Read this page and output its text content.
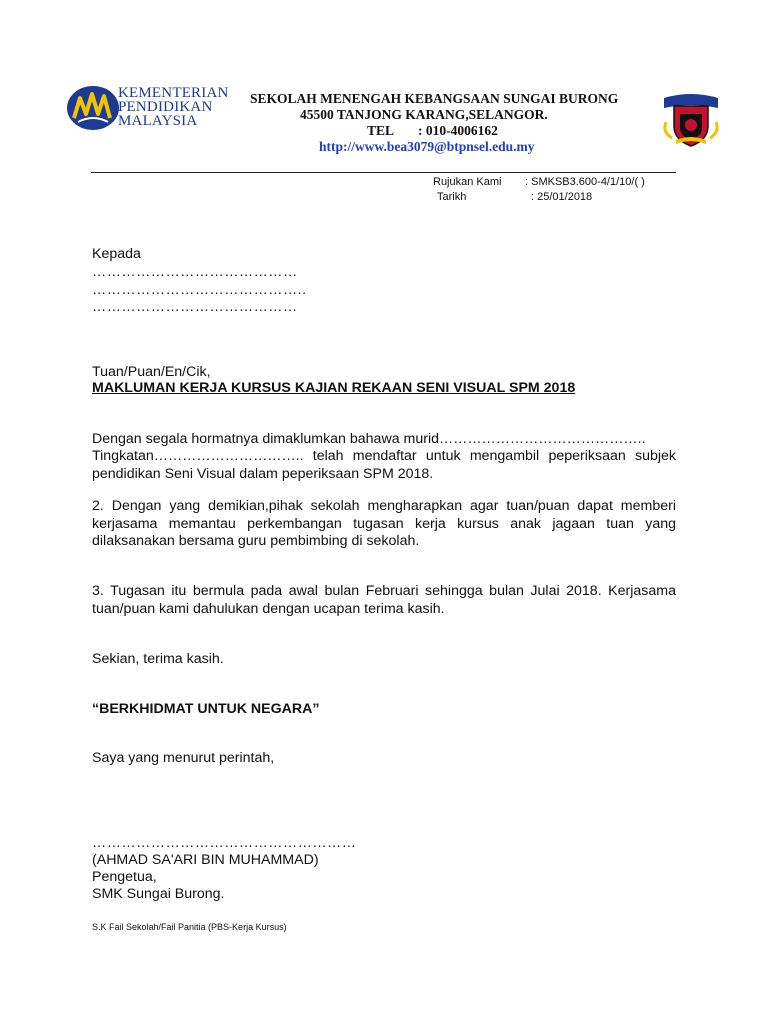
KEMENTERIAN
PENDIDIKAN
MALAYSIA
SEKOLAH MENENGAH KEBANGSAAN SUNGAI BURONG
45500 TANJONG KARANG,SELANGOR.
TEL : 010-4006162
http://www.bea3079@btpnsel.edu.my
Rujukan Kami	: SMKSB3.600-4/1/10/( )
Tarikh	: 25/01/2018
Kepada
……………………………………
……………………………………..
……………………………………
Tuan/Puan/En/Cik,
MAKLUMAN KERJA KURSUS KAJIAN REKAAN SENI VISUAL SPM 2018
Dengan segala hormatnya dimaklumkan bahawa murid……………………………………..
Tingkatan………………………….. telah mendaftar untuk mengambil peperiksaan subjek pendidikan Seni Visual dalam peperiksaan SPM 2018.
2. Dengan yang demikian,pihak sekolah mengharapkan agar tuan/puan dapat memberi kerjasama memantau perkembangan tugasan kerja kursus anak jagaan tuan yang dilaksanakan bersama guru pembimbing di sekolah.
3. Tugasan itu bermula pada awal bulan Februari sehingga bulan Julai 2018. Kerjasama tuan/puan kami dahulukan dengan ucapan terima kasih.
Sekian, terima kasih.
“BERKHIDMAT UNTUK NEGARA”
Saya yang menurut perintah,
………………………………………………
(AHMAD SA'ARI BIN MUHAMMAD)
Pengetua,
SMK Sungai Burong.
S.K Fail Sekolah/Fail Panitia (PBS-Kerja Kursus)
